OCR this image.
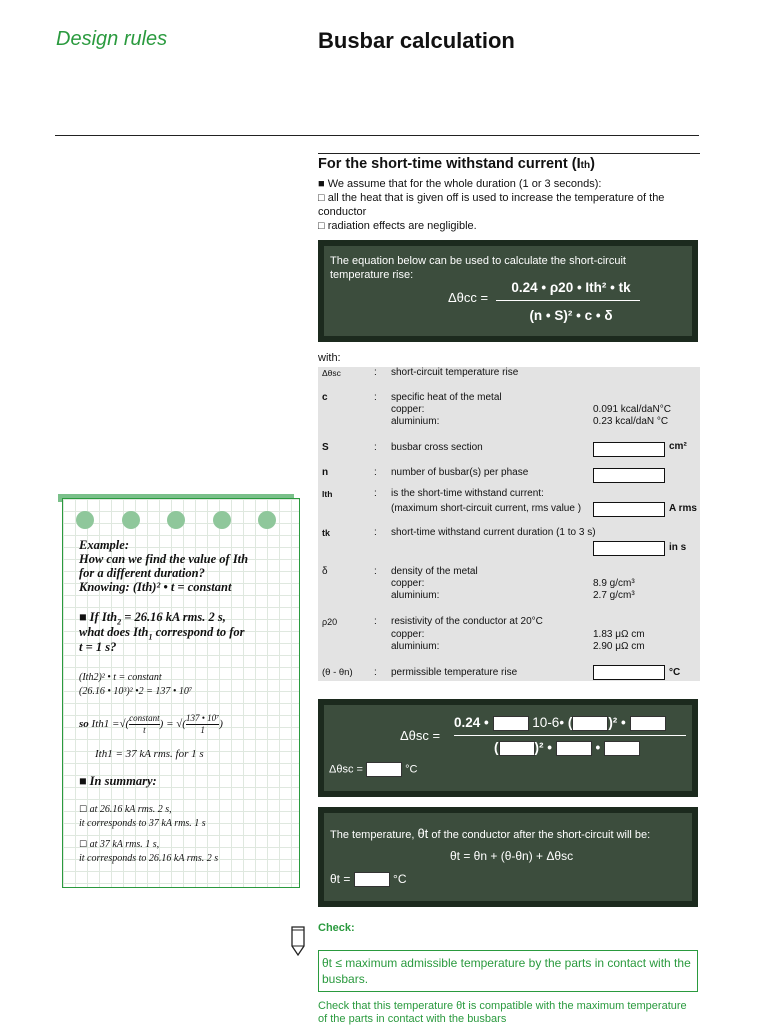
Design rules	Busbar calculation
For the short-time withstand current (Ith)
■ We assume that for the whole duration (1 or 3 seconds):
□ all the heat that is given off is used to increase the temperature of the conductor
□ radiation effects are negligible.
The equation below can be used to calculate the short-circuit temperature rise:
Δθcc =
0.24 • ρ20 • Ith² • tk
(n • S)² • c • δ
with:
Δθsc	: short-circuit temperature rise
c	: specific heat of the metal
copper:	0.091 kcal/daN°C
aluminium:	0.23 kcal/daN °C
S	: busbar cross section	cm²
n	: number of busbar(s) per phase
Ith	: is the short-time withstand current:
(maximum short-circuit current, rms value )	A rms
tk	: short-time withstand current duration (1 to 3 s)
in s
δ	: density of the metal
copper:	8.9 g/cm³
aluminium:	2.7 g/cm³
ρ20	: resistivity of the conductor at 20°C
copper:	1.83 μΩ cm
aluminium:	2.90 μΩ cm
(θ - θn) : permissible temperature rise	°C
Δθsc =
0.24 •	10-6• (	)² •
(	)² •	•
Δθsc =	°C
The temperature, θt of the conductor after the short-circuit will be:
θt = θn + (θ-θn) + Δθsc
θt =	°C
Check:
θt ≤ maximum admissible temperature by the parts in contact with the busbars.
Check that this temperature θt is compatible with the maximum temperature of the parts in contact with the busbars
Example:
How can we find the value of Ith
for a different duration?
Knowing: (Ith)² • t = constant
■ If Ith$_2$ = 26.16 kA rms. 2 s,
what does Ith$_1$ correspond to for
t = 1 s?
(Ith2)² • t = constant
(26.16 • 10³)² •2 = 137 • 10⁷
so Ith1 =√(
constant
t	) = √( $\frac{\text{137 • 10⁷}}{1}$ )
Ith1 = 37 kA rms. for 1 s
■ In summary:
☐ at 26.16 kA rms. 2 s,
it corresponds to 37 kA rms. 1 s
☐ at 37 kA rms. 1 s,
it corresponds to 26.16 kA rms. 2 s
